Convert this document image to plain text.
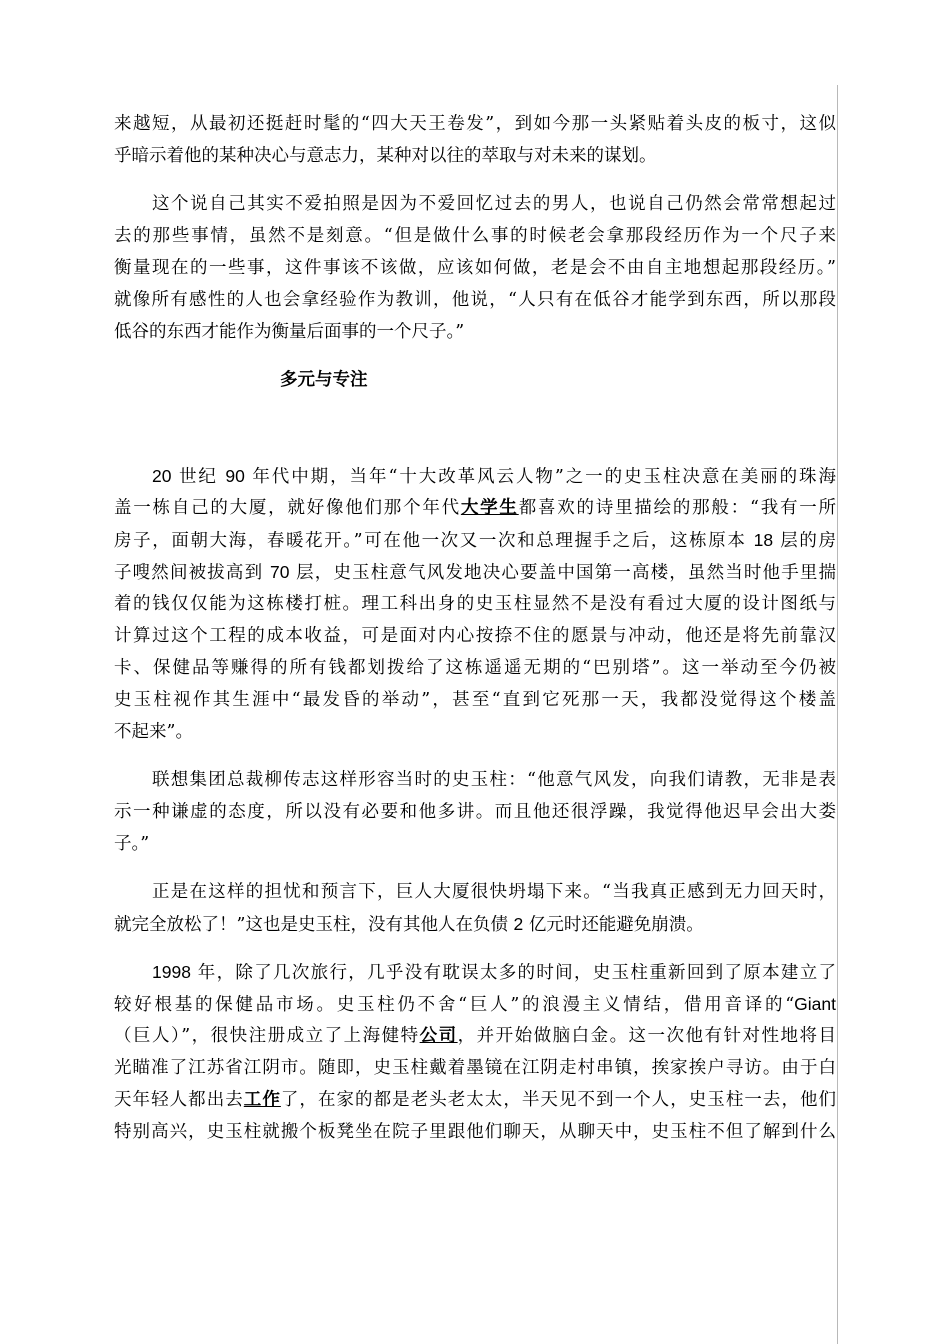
来越短，从最初还挺赶时髦的“四大天王卷发”，到如今那一头紧贴着头皮的板寸，这似
乎暗示着他的某种决心与意志力，某种对以往的萃取与对未来的谋划。
这个说自己其实不爱拍照是因为不爱回忆过去的男人，也说自己仍然会常常想起过
去的那些事情，虽然不是刻意。“但是做什么事的时候老会拿那段经历作为一个尺子来
衡量现在的一些事，这件事该不该做，应该如何做，老是会不由自主地想起那段经历。”
就像所有感性的人也会拿经验作为教训，他说，“人只有在低谷才能学到东西，所以那段
低谷的东西才能作为衡量后面事的一个尺子。”
多元与专注
20 世纪 90 年代中期，当年“十大改革风云人物”之一的史玉柱决意在美丽的珠海
盖一栋自己的大厦，就好像他们那个年代大学生都喜欢的诗里描绘的那般：“我有一所
房子，面朝大海，春暖花开。”可在他一次又一次和总理握手之后，这栋原本 18 层的房
子嗖然间被拔高到 70 层，史玉柱意气风发地决心要盖中国第一高楼，虽然当时他手里揣
着的钱仅仅能为这栋楼打桩。理工科出身的史玉柱显然不是没有看过大厦的设计图纸与
计算过这个工程的成本收益，可是面对内心按捺不住的愿景与冲动，他还是将先前靠汉
卡、保健品等赚得的所有钱都划拨给了这栋遥遥无期的“巴别塔”。这一举动至今仍被
史玉柱视作其生涯中“最发昏的举动”，甚至“直到它死那一天，我都没觉得这个楼盖
不起来”。
联想集团总裁柳传志这样形容当时的史玉柱：“他意气风发，向我们请教，无非是表
示一种谦虚的态度，所以没有必要和他多讲。而且他还很浮躁，我觉得他迟早会出大娄
子。”
正是在这样的担忧和预言下，巨人大厦很快坍塌下来。“当我真正感到无力回天时，
就完全放松了！”这也是史玉柱，没有其他人在负债 2 亿元时还能避免崩溃。
1998 年，除了几次旅行，几乎没有耽误太多的时间，史玉柱重新回到了原本建立了
较好根基的保健品市场。史玉柱仍不舍“巨人”的浪漫主义情结，借用音译的“Giant
（巨人）”，很快注册成立了上海健特公司，并开始做脑白金。这一次他有针对性地将目
光瞄准了江苏省江阴市。随即，史玉柱戴着墨镜在江阴走村串镇，挨家挨户寻访。由于白
天年轻人都出去工作了，在家的都是老头老太太，半天见不到一个人，史玉柱一去，他们
特别高兴，史玉柱就搬个板凳坐在院子里跟他们聊天，从聊天中，史玉柱不但了解到什么
